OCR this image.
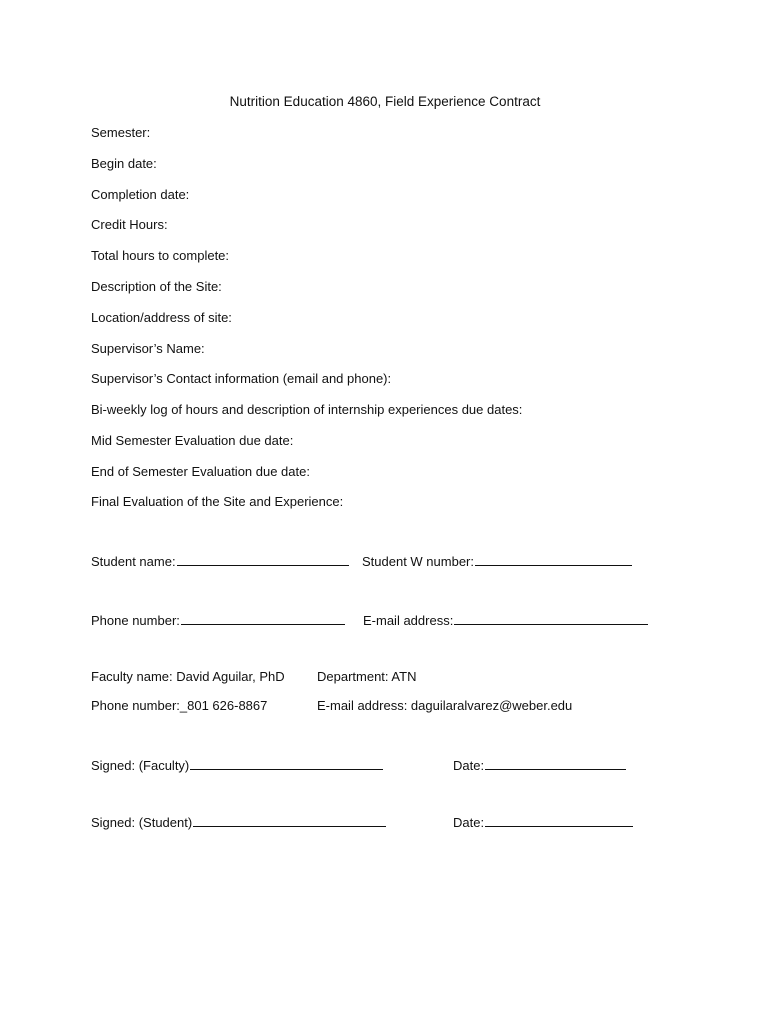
Nutrition Education 4860, Field Experience Contract
Semester:
Begin date:
Completion date:
Credit Hours:
Total hours to complete:
Description of the Site:
Location/address of site:
Supervisor’s Name:
Supervisor’s Contact information (email and phone):
Bi-weekly log of hours and description of internship experiences due dates:
Mid Semester Evaluation due date:
End of Semester Evaluation due date:
Final Evaluation of the Site and Experience:
Student name:	Student W number:
Phone number:	E-mail address:
Faculty name: David Aguilar, PhD Department: ATN
Phone number:_801 626-8867	E-mail address: daguilaralvarez@weber.edu
Signed: (Faculty)	Date:
Signed: (Student)	Date:
